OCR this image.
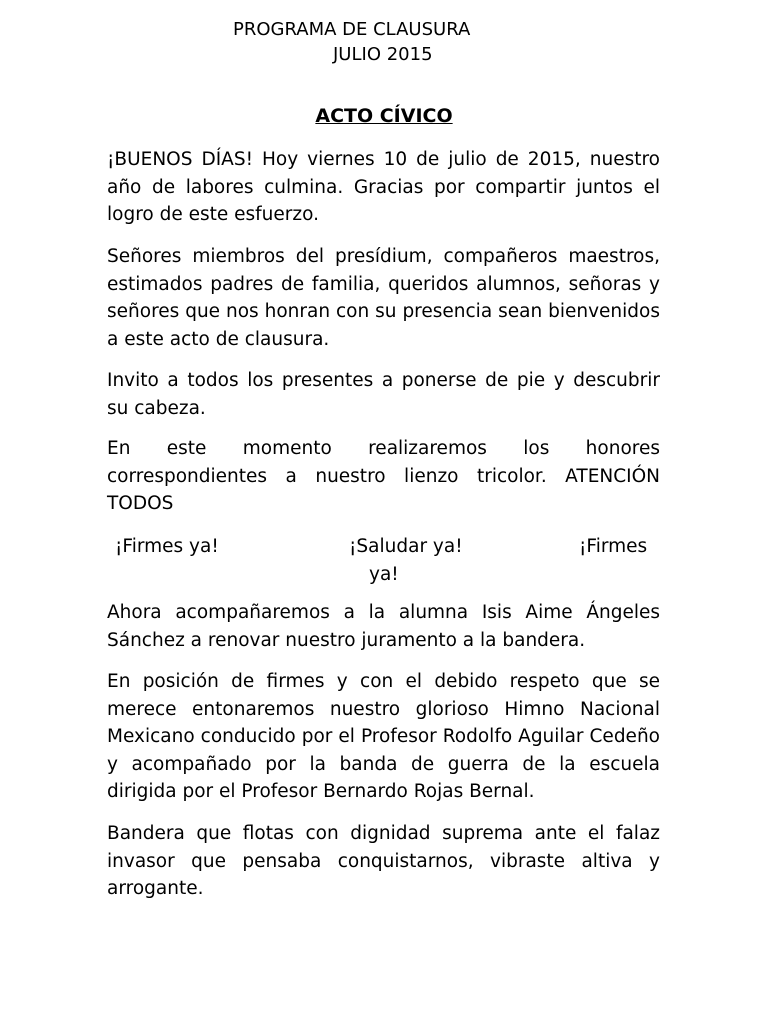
PROGRAMA DE CLAUSURA
JULIO 2015
ACTO CÍVICO

¡BUENOS DÍAS! Hoy viernes 10 de julio de 2015, nuestro año de labores culmina. Gracias por compartir juntos el logro de este esfuerzo.

Señores miembros del presídium, compañeros maestros, estimados padres de familia, queridos alumnos, señoras y señores que nos honran con su presencia sean bienvenidos a este acto de clausura.

Invito a todos los presentes a ponerse de pie y descubrir su cabeza.

En este momento realizaremos los honores correspondientes a nuestro lienzo tricolor. ATENCIÓN TODOS

¡Firmes ya!	¡Saludar ya!	¡Firmes
ya!

Ahora acompañaremos a la alumna Isis Aime Ángeles Sánchez a renovar nuestro juramento a la bandera.

En posición de firmes y con el debido respeto que se merece entonaremos nuestro glorioso Himno Nacional Mexicano conducido por el Profesor Rodolfo Aguilar Cedeño y acompañado por la banda de guerra de la escuela dirigida por el Profesor Bernardo Rojas Bernal.

Bandera que flotas con dignidad suprema ante el falaz invasor que pensaba conquistarnos, vibraste altiva y arrogante.
